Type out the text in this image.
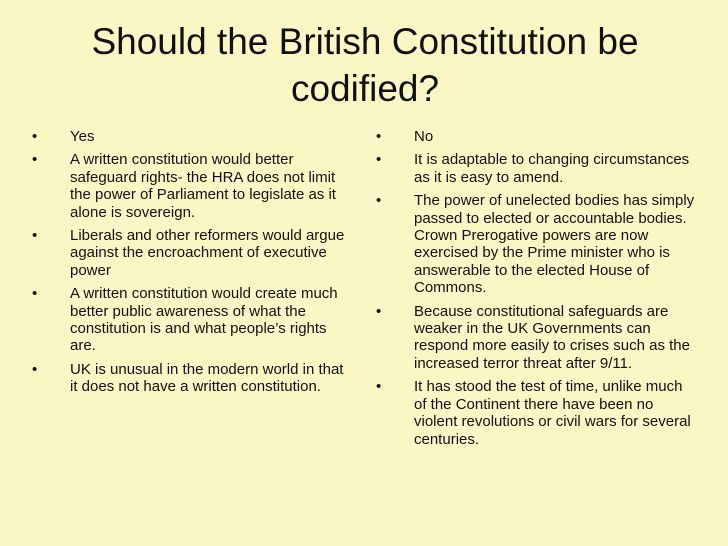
Should the British Constitution be codified?
•	Yes
•	A written constitution would better safeguard rights- the HRA does not limit the power of Parliament to legislate as it alone is sovereign.
•	Liberals and other reformers would argue against the encroachment of executive power
•	A written constitution would create much better public awareness of what the constitution is and what people’s rights are.
•	UK is unusual in the modern world in that it does not have a written constitution.
•	No
•	It is adaptable to changing circumstances as it is easy to amend.
•	The power of unelected bodies has simply passed to elected or accountable bodies. Crown Prerogative powers are now exercised by the Prime minister who is answerable to the elected House of Commons.
•	Because constitutional safeguards are weaker in the UK Governments can respond more easily to crises such as the increased terror threat after 9/11.
•	It has stood the test of time, unlike much of the Continent there have been no violent revolutions or civil wars for several centuries.
